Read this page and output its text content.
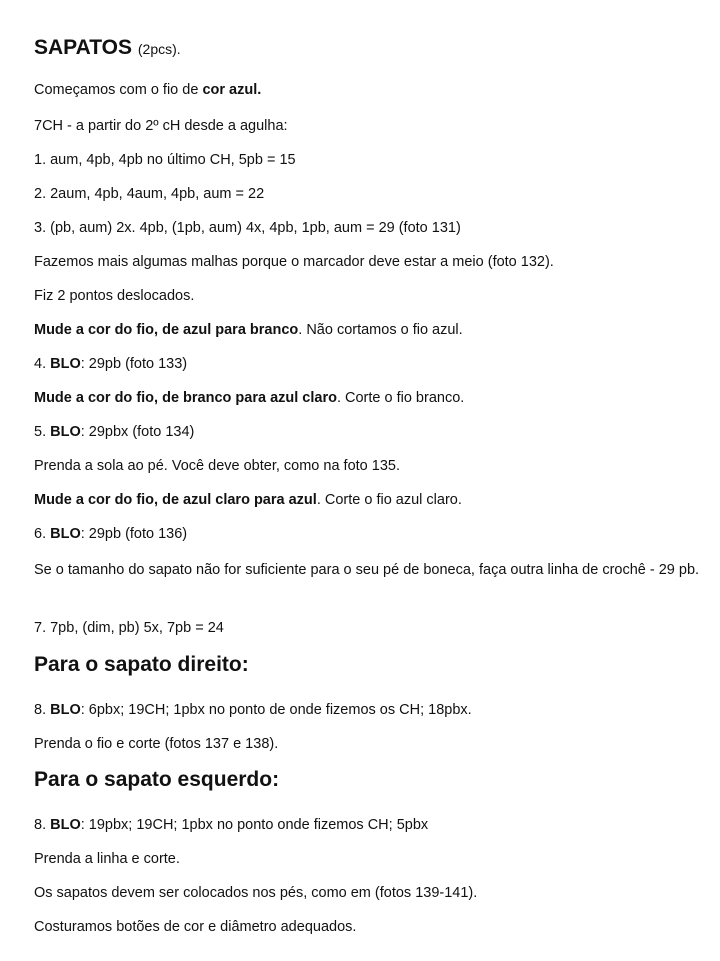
SAPATOS (2pcs).
Começamos com o fio de cor azul.
7CH - a partir do 2º cH desde a agulha:
1. aum, 4pb, 4pb no último CH, 5pb = 15
2. 2aum, 4pb, 4aum, 4pb, aum = 22
3. (pb, aum) 2x. 4pb, (1pb, aum) 4x, 4pb, 1pb, aum = 29 (foto 131)
Fazemos mais algumas malhas porque o marcador deve estar a meio (foto 132).
Fiz 2 pontos deslocados.
Mude a cor do fio, de azul para branco. Não cortamos o fio azul.
4. BLO: 29pb (foto 133)
Mude a cor do fio, de branco para azul claro. Corte o fio branco.
5. BLO: 29pbx (foto 134)
Prenda a sola ao pé. Você deve obter, como na foto 135.
Mude a cor do fio, de azul claro para azul. Corte o fio azul claro.
6. BLO: 29pb (foto 136)
Se o tamanho do sapato não for suficiente para o seu pé de boneca, faça outra linha de crochê - 29 pb.
7. 7pb, (dim, pb) 5x, 7pb = 24
Para o sapato direito:
8. BLO: 6pbx; 19CH; 1pbx no ponto de onde fizemos os CH; 18pbx.
Prenda o fio e corte (fotos 137 e 138).
Para o sapato esquerdo:
8. BLO: 19pbx; 19CH; 1pbx no ponto onde fizemos CH; 5pbx
Prenda a linha e corte.
Os sapatos devem ser colocados nos pés, como em (fotos 139-141).
Costuramos botões de cor e diâmetro adequados.
